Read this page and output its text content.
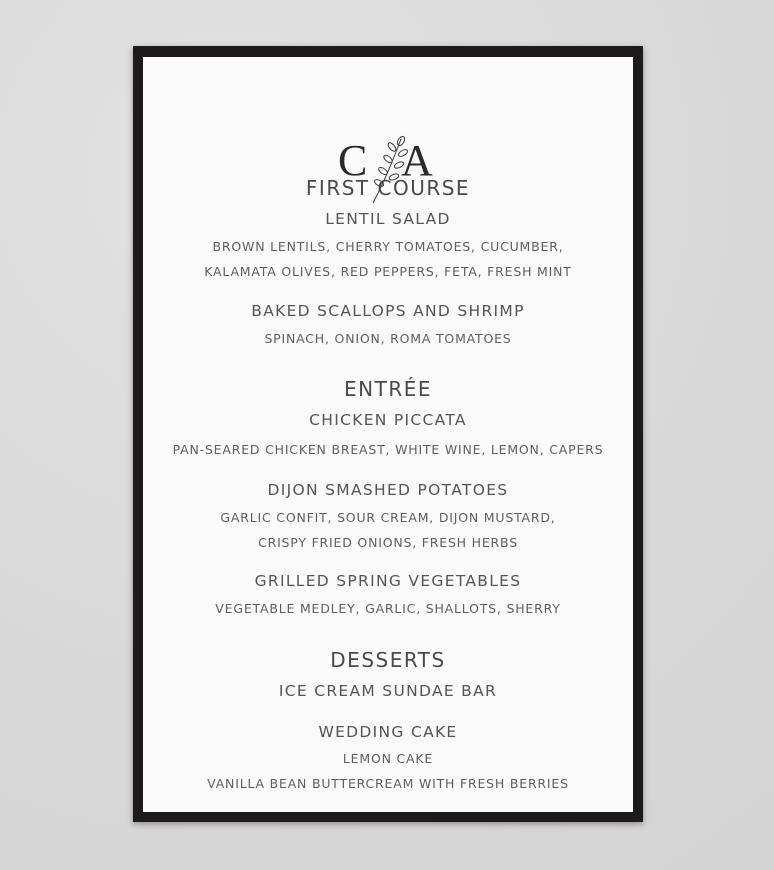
C A
FIRST COURSE
LENTIL SALAD
BROWN LENTILS, CHERRY TOMATOES, CUCUMBER,
KALAMATA OLIVES, RED PEPPERS, FETA, FRESH MINT
BAKED SCALLOPS AND SHRIMP
SPINACH, ONION, ROMA TOMATOES
ENTRÉE
CHICKEN PICCATA
PAN-SEARED CHICKEN BREAST, WHITE WINE, LEMON, CAPERS
DIJON SMASHED POTATOES
GARLIC CONFIT, SOUR CREAM, DIJON MUSTARD,
CRISPY FRIED ONIONS, FRESH HERBS
GRILLED SPRING VEGETABLES
VEGETABLE MEDLEY, GARLIC, SHALLOTS, SHERRY
DESSERTS
ICE CREAM SUNDAE BAR
WEDDING CAKE
LEMON CAKE
VANILLA BEAN BUTTERCREAM WITH FRESH BERRIES
